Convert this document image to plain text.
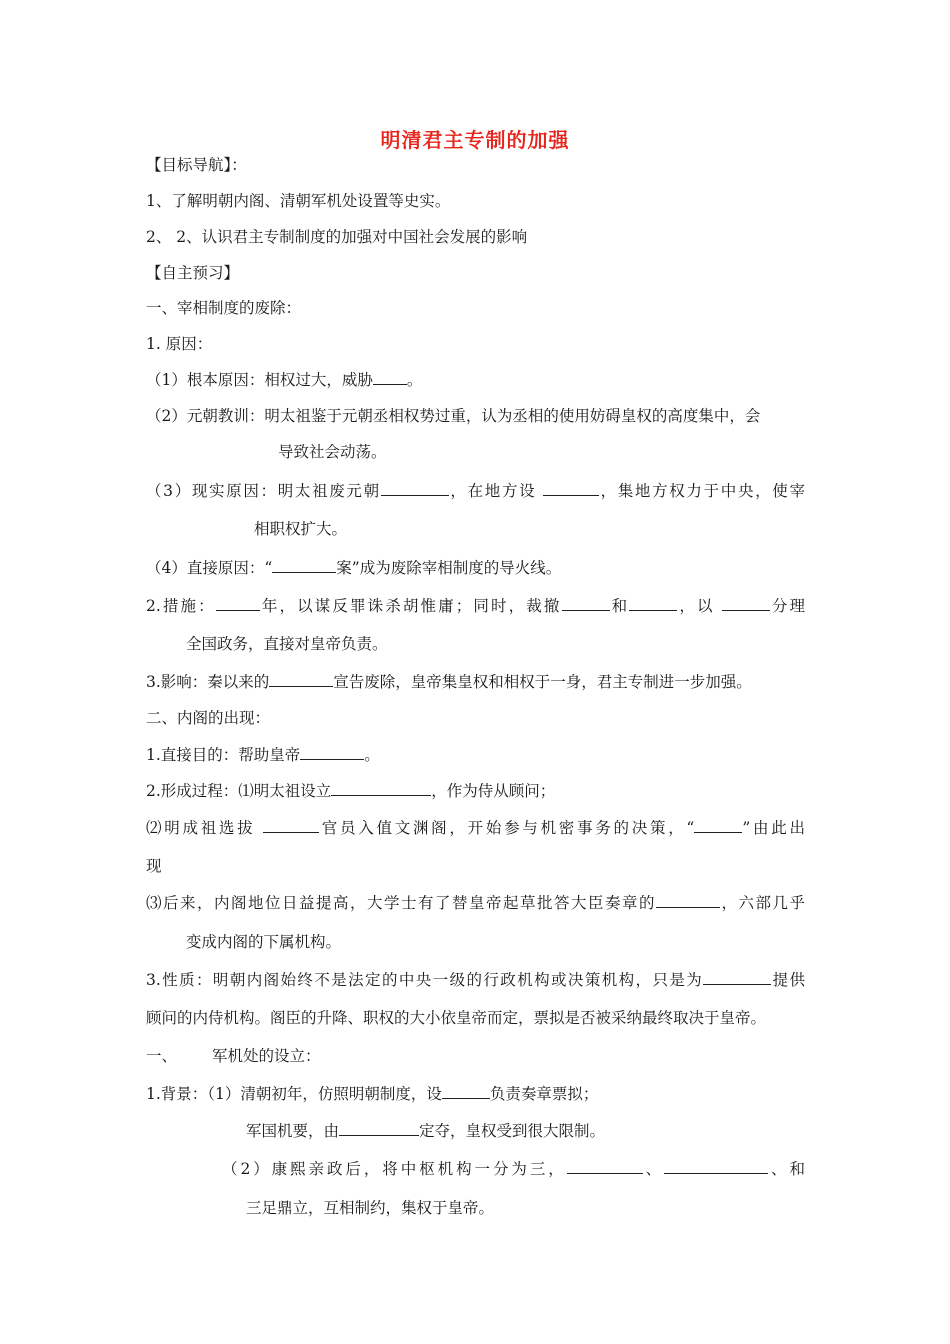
明清君主专制的加强
【目标导航】：
1、了解明朝内阁、清朝军机处设置等史实。
2、 2、认识君主专制制度的加强对中国社会发展的影响
【自主预习】
一、宰相制度的废除：
1. 原因：
（1）根本原因：相权过大，威胁 。
（2）元朝教训：明太祖鉴于元朝丞相权势过重，认为丞相的使用妨碍皇权的高度集中，会
导致社会动荡。
（3）现实原因：明太祖废元朝	，在地方设	，集地方权力于中央，使宰
相职权扩大。
（4）直接原因：“	案”成为废除宰相制度的导火线。
2.措施：	年，以谋反罪诛杀胡惟庸；同时，裁撤	和	，以	分理
全国政务，直接对皇帝负责。
3.影响：秦以来的	宣告废除，皇帝集皇权和相权于一身，君主专制进一步加强。
二、内阁的出现：
1.直接目的：帮助皇帝	。
2.形成过程：⑴明太祖设立	，作为侍从顾问；
⑵明成祖选拔	官员入值文渊阁，开始参与机密事务的决策，“	”由此出
现
⑶后来，内阁地位日益提高，大学士有了替皇帝起草批答大臣奏章的	，六部几乎
变成内阁的下属机构。
3.性质：明朝内阁始终不是法定的中央一级的行政机构或决策机构，只是为	提供
顾问的内侍机构。阁臣的升降、职权的大小依皇帝而定，票拟是否被采纳最终取决于皇帝。
一、 军机处的设立：
1.背景：（1）清朝初年，仿照明朝制度，设	负责奏章票拟；
军国机要，由	定夺，皇权受到很大限制。
（2）康熙亲政后，将中枢机构一分为三，	、	、和
三足鼎立，互相制约，集权于皇帝。
